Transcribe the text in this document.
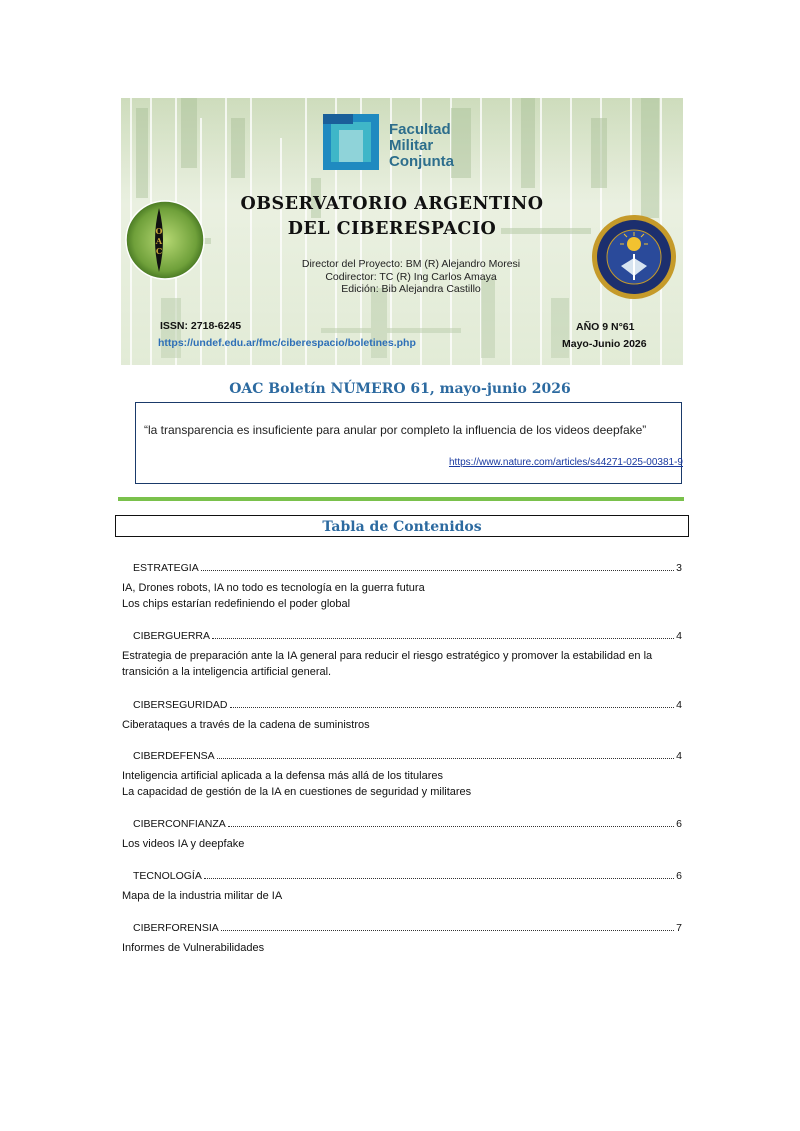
Facultad
Militar
Conjunta
OBSERVATORIO ARGENTINO
DEL CIBERESPACIO
Director del Proyecto: BM (R) Alejandro Moresi
Codirector: TC (R) Ing Carlos Amaya
Edición: Bib Alejandra Castillo
O
A
C
ISSN: 2718-6245
https://undef.edu.ar/fmc/ciberespacio/boletines.php
AÑO 9 N°61
Mayo-Junio 2026
OAC Boletín NÚMERO 61, mayo-junio 2026
“la transparencia es insuficiente para anular por completo la influencia de los videos deepfake”
https://www.nature.com/articles/s44271-025-00381-9
Tabla de Contenidos
ESTRATEGIA	3
IA, Drones robots, IA no todo es tecnología en la guerra futura
Los chips estarían redefiniendo el poder global
CIBERGUERRA	4
Estrategia de preparación ante la IA general para reducir el riesgo estratégico y promover la estabilidad en la
transición a la inteligencia artificial general.
CIBERSEGURIDAD	4
Ciberataques a través de la cadena de suministros
CIBERDEFENSA	4
Inteligencia artificial aplicada a la defensa más allá de los titulares
La capacidad de gestión de la IA en cuestiones de seguridad y militares
CIBERCONFIANZA	6
Los videos IA y deepfake
TECNOLOGÍA	6
Mapa de la industria militar de IA
CIBERFORENSIA	7
Informes de Vulnerabilidades
